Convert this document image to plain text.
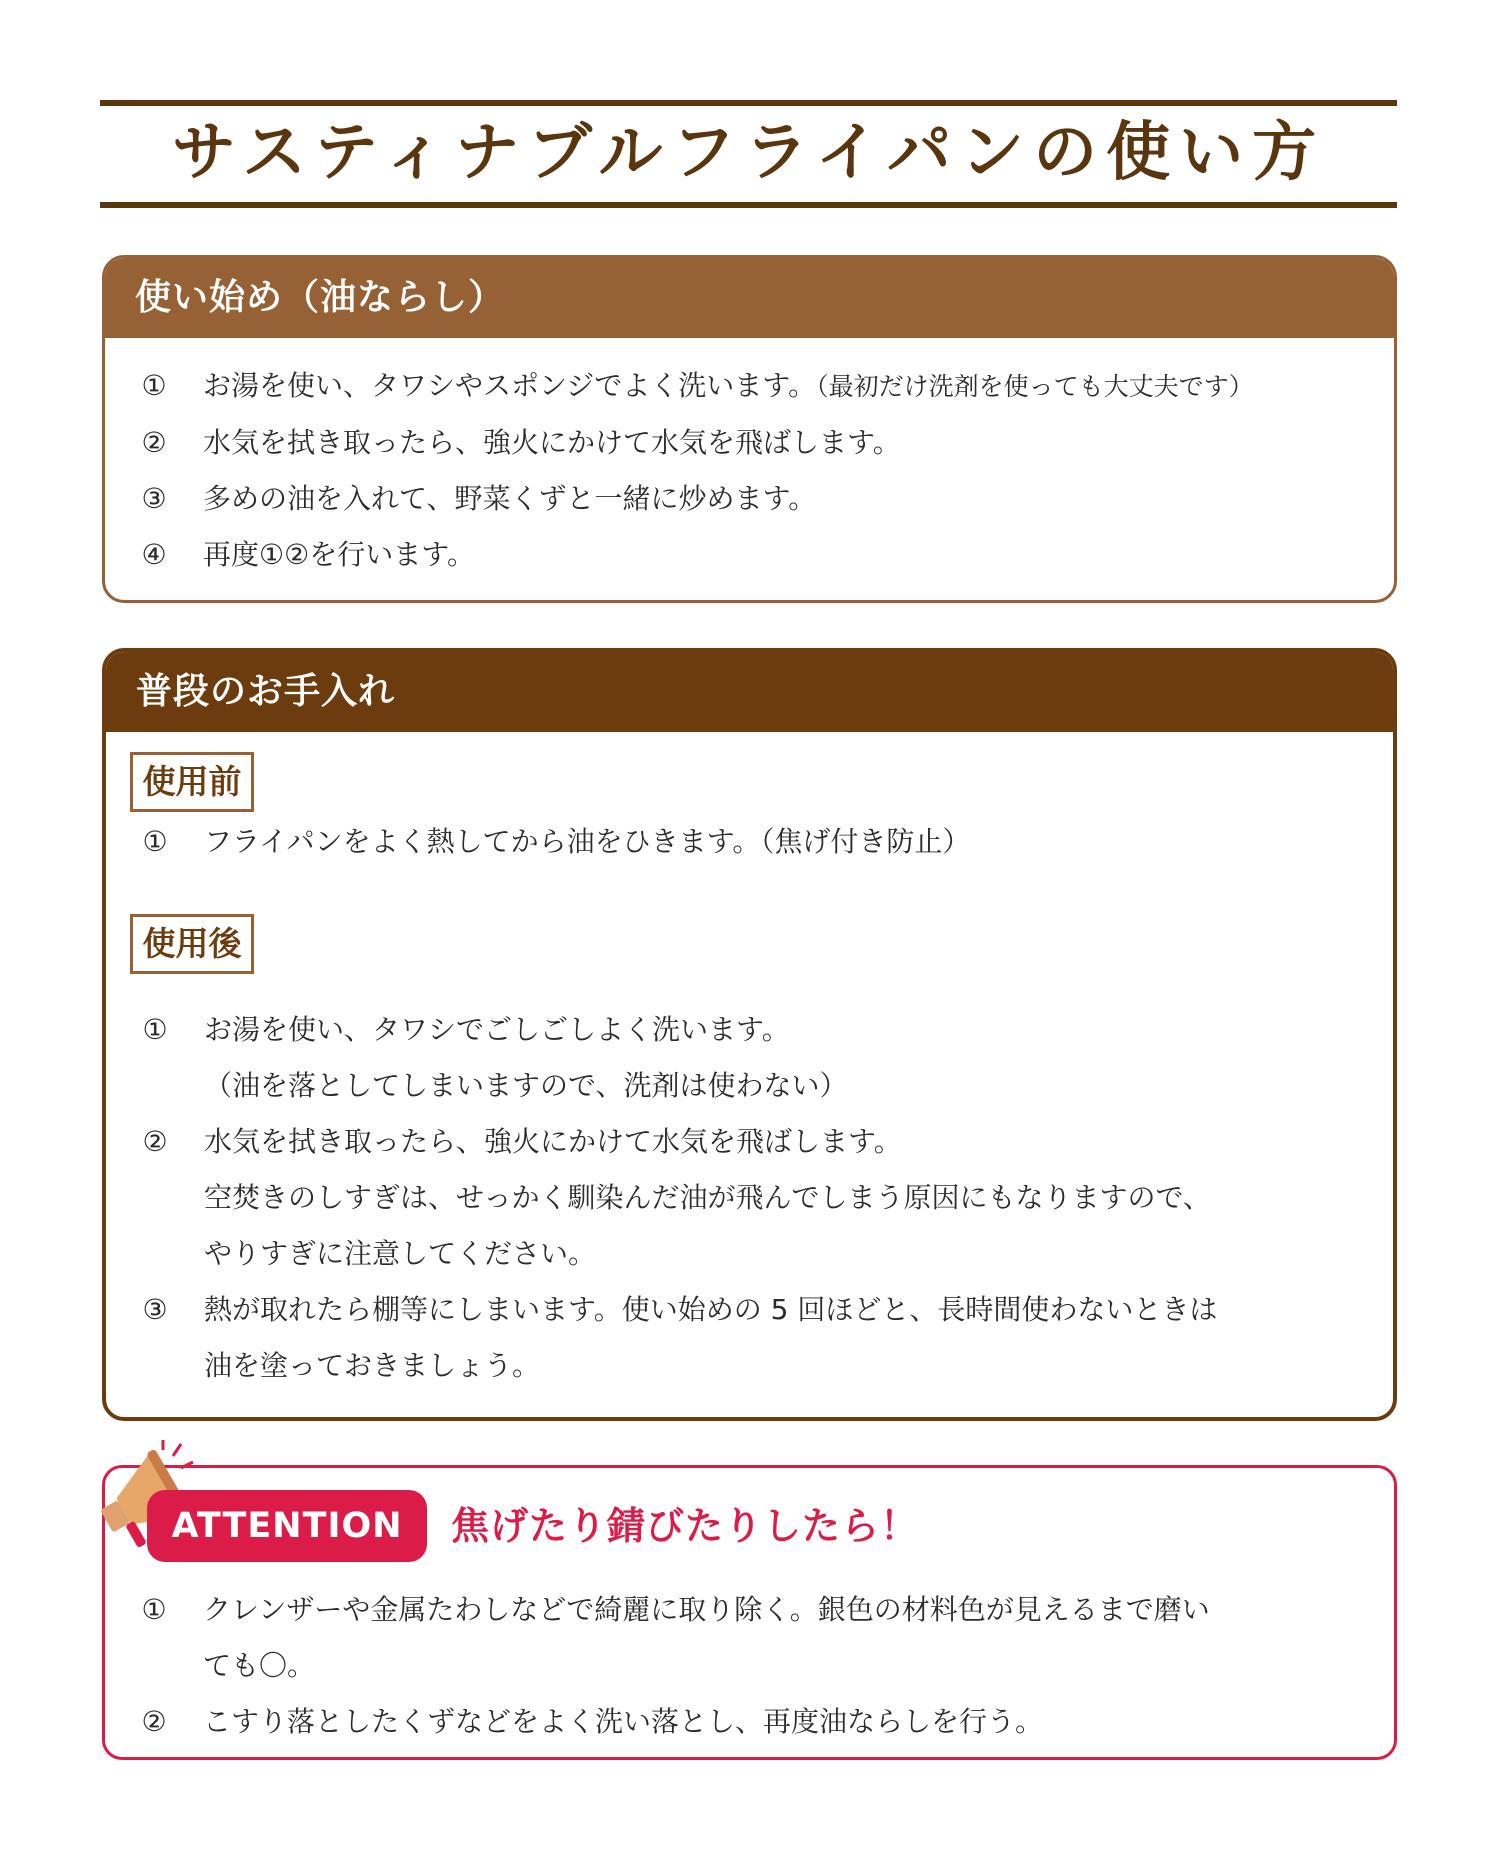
サスティナブルフライパンの使い方
使い始め（油ならし）
①	お湯を使い、タワシやスポンジでよく洗います。（最初だけ洗剤を使っても大丈夫です）
②	水気を拭き取ったら、強火にかけて水気を飛ばします。
③	多めの油を入れて、野菜くずと一緒に炒めます。
④	再度①②を行います。
普段のお手入れ
使用前
①	フライパンをよく熱してから油をひきます。（焦げ付き防止）
使用後
①	お湯を使い、タワシでごしごしよく洗います。
（油を落としてしまいますので、洗剤は使わない）
②	水気を拭き取ったら、強火にかけて水気を飛ばします。
空焚きのしすぎは、せっかく馴染んだ油が飛んでしまう原因にもなりますので、
やりすぎに注意してください。
③	熱が取れたら棚等にしまいます。使い始めの 5 回ほどと、長時間使わないときは
油を塗っておきましょう。
ATTENTION	焦げたり錆びたりしたら！
①	クレンザーや金属たわしなどで綺麗に取り除く。銀色の材料色が見えるまで磨い
ても〇。
②	こすり落としたくずなどをよく洗い落とし、再度油ならしを行う。
